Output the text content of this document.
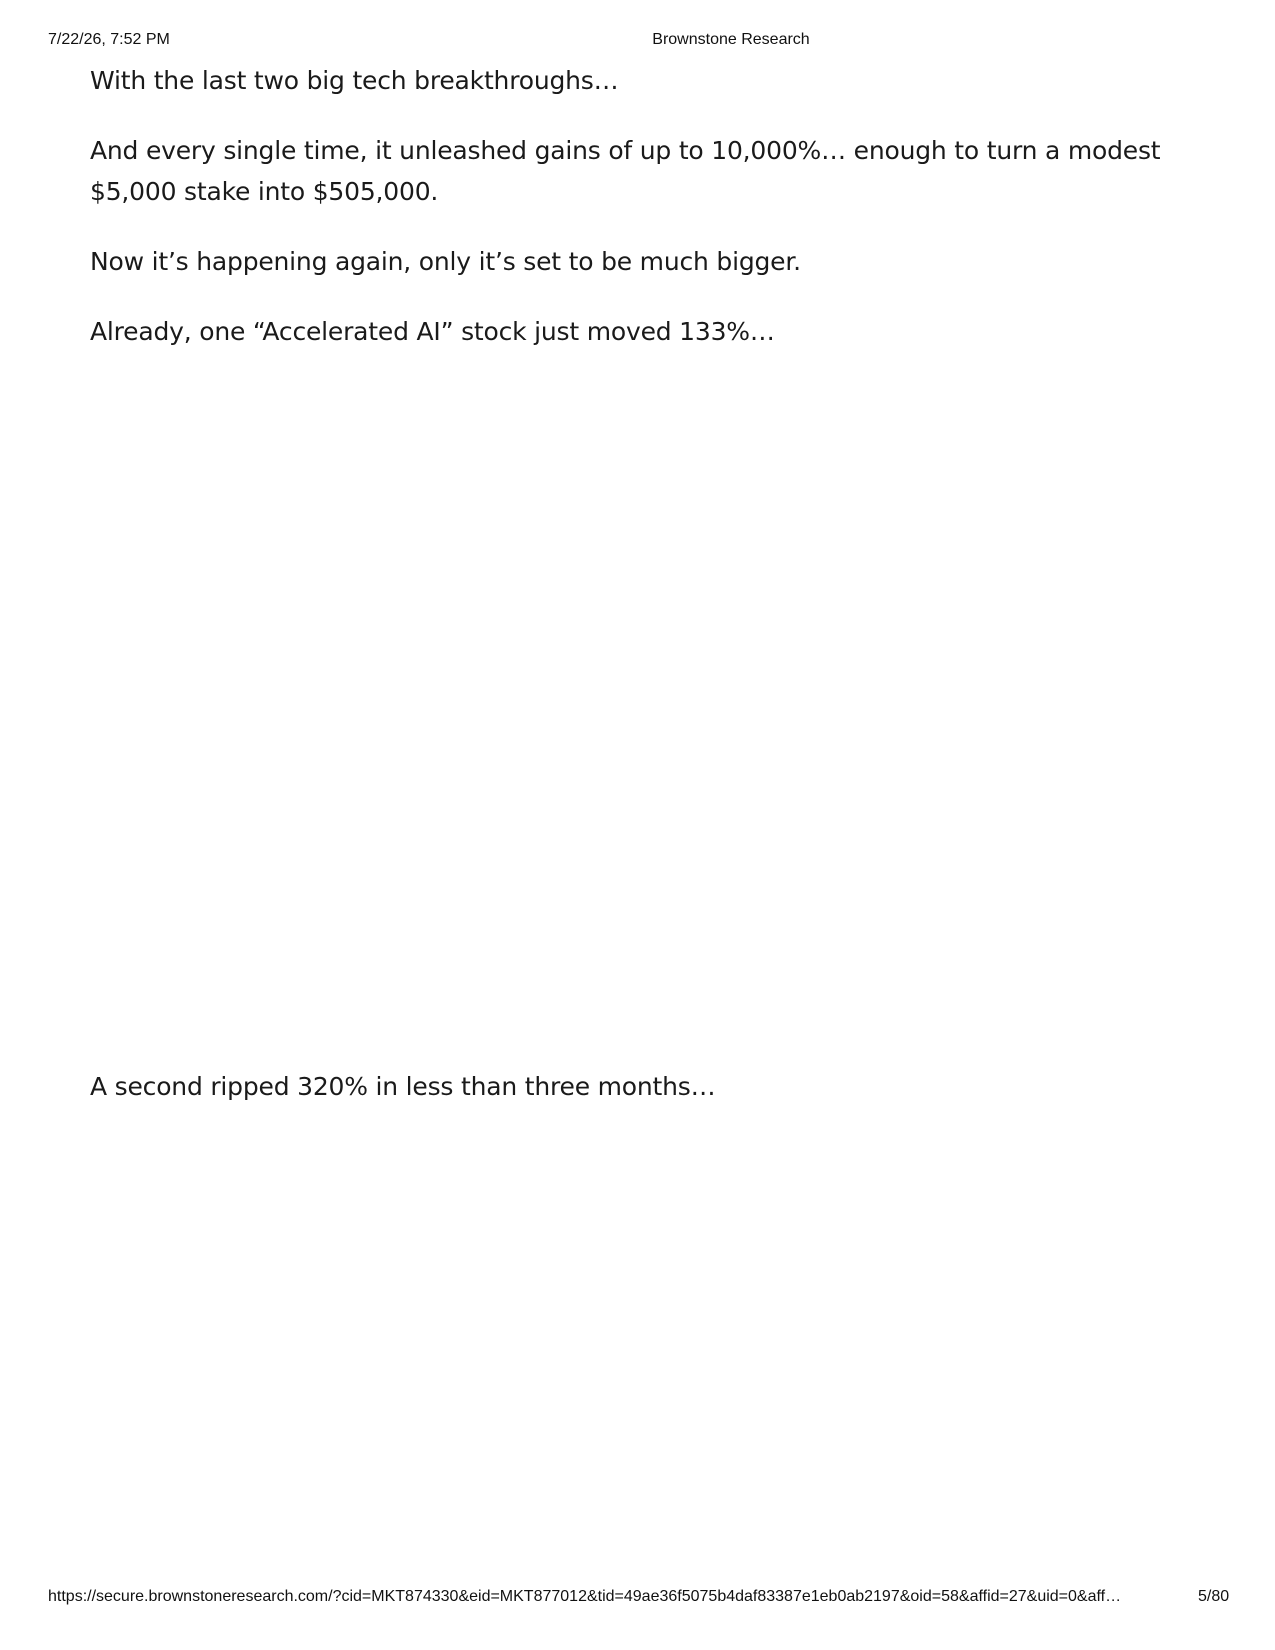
7/22/26, 7:52 PM	Brownstone Research

With the last two big tech breakthroughs…

And every single time, it unleashed gains of up to 10,000%… enough to turn a modest $5,000 stake into $505,000.

Now it’s happening again, only it’s set to be much bigger.

Already, one “Accelerated AI” stock just moved 133%…

A second ripped 320% in less than three months…

https://secure.brownstoneresearch.com/?cid=MKT874330&eid=MKT877012&tid=49ae36f5075b4daf83387e1eb0ab2197&oid=58&affid=27&uid=0&aff…	5/80
